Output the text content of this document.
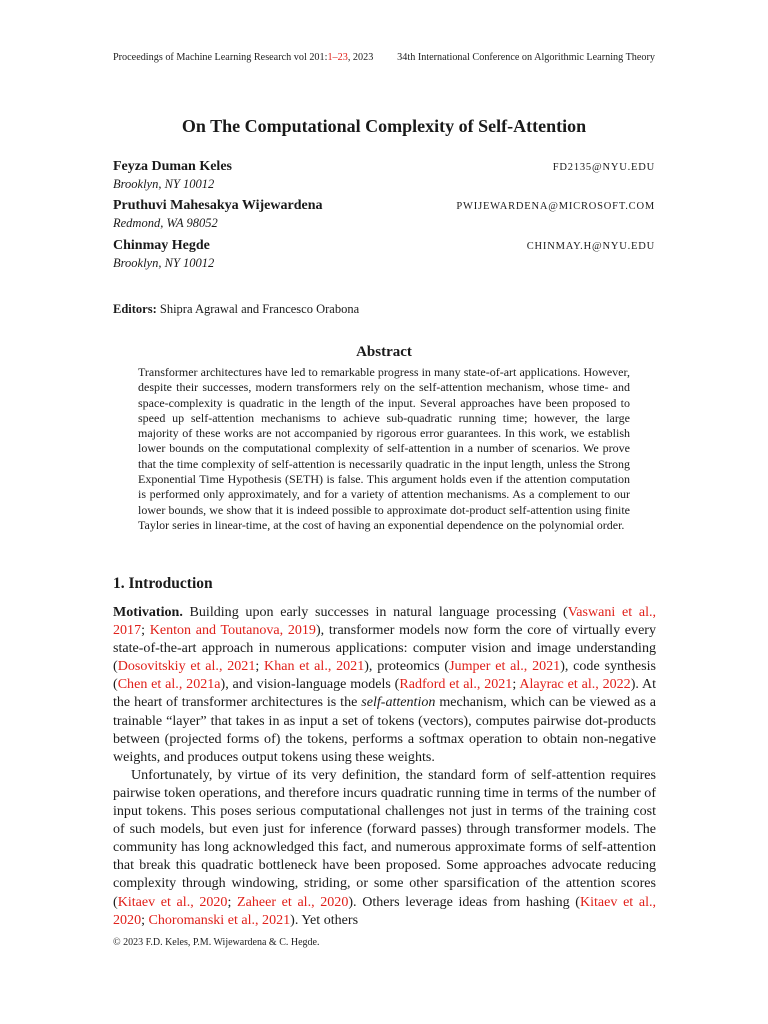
Proceedings of Machine Learning Research vol 201:1–23, 2023 34th International Conference on Algorithmic Learning Theory
On The Computational Complexity of Self-Attention
Feyza Duman Keles	FD2135@NYU.EDU
Brooklyn, NY 10012
Pruthuvi Mahesakya Wijewardena	PWIJEWARDENA@MICROSOFT.COM
Redmond, WA 98052
Chinmay Hegde	CHINMAY.H@NYU.EDU
Brooklyn, NY 10012
Editors: Shipra Agrawal and Francesco Orabona
Abstract
Transformer architectures have led to remarkable progress in many state-of-art applications. However, despite their successes, modern transformers rely on the self-attention mechanism, whose time- and space-complexity is quadratic in the length of the input. Several approaches have been proposed to speed up self-attention mechanisms to achieve sub-quadratic running time; however, the large majority of these works are not accompanied by rigorous error guarantees. In this work, we establish lower bounds on the computational complexity of self-attention in a number of scenarios. We prove that the time complexity of self-attention is necessarily quadratic in the input length, unless the Strong Exponential Time Hypothesis (SETH) is false. This argument holds even if the attention computation is performed only approximately, and for a variety of attention mechanisms. As a complement to our lower bounds, we show that it is indeed possible to approximate dot-product self-attention using finite Taylor series in linear-time, at the cost of having an exponential dependence on the polynomial order.
1. Introduction

Motivation. Building upon early successes in natural language processing (Vaswani et al., 2017; Kenton and Toutanova, 2019), transformer models now form the core of virtually every state-of-the-art approach in numerous applications: computer vision and image understanding (Dosovitskiy et al., 2021; Khan et al., 2021), proteomics (Jumper et al., 2021), code synthesis (Chen et al., 2021a), and vision-language models (Radford et al., 2021; Alayrac et al., 2022). At the heart of transformer architectures is the self-attention mechanism, which can be viewed as a trainable “layer” that takes in as input a set of tokens (vectors), computes pairwise dot-products between (projected forms of) the tokens, performs a softmax operation to obtain non-negative weights, and produces output tokens using these weights.

Unfortunately, by virtue of its very definition, the standard form of self-attention requires pairwise token operations, and therefore incurs quadratic running time in terms of the number of input tokens. This poses serious computational challenges not just in terms of the training cost of such models, but even just for inference (forward passes) through transformer models. The community has long acknowledged this fact, and numerous approximate forms of self-attention that break this quadratic bottleneck have been proposed. Some approaches advocate reducing complexity through windowing, striding, or some other sparsification of the attention scores (Kitaev et al., 2020; Zaheer et al., 2020). Others leverage ideas from hashing (Kitaev et al., 2020; Choromanski et al., 2021). Yet others

© 2023 F.D. Keles, P.M. Wijewardena & C. Hegde.
